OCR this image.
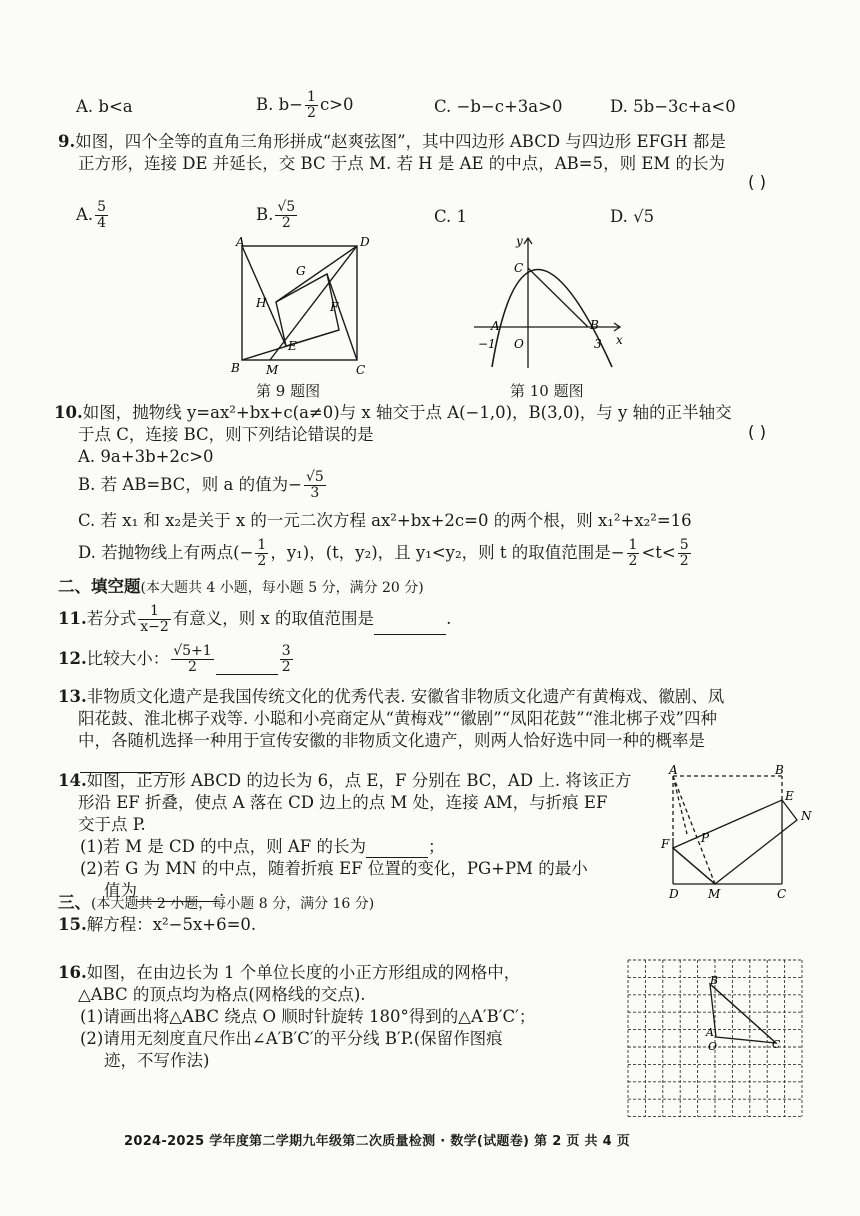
A. b<a	B. $b- \frac{1}{2} c>0$	C. −b−c+3a>0	D. 5b−3c+a<0
9.如图，四个全等的直角三角形拼成“赵爽弦图”，其中四边形 ABCD 与四边形 EFGH 都是
正方形，连接 DE 并延长，交 BC 于点 M. 若 H 是 AE 的中点，AB=5，则 EM 的长为
( )
A. $\frac{5}{4}$	B. $\frac{√5}{2}$	C. 1	D. √5
A	D
B	C
G
H	F
E
M
第 9 题图
y
C
A	B
O
−1	3 x
第 10 题图
10.如图，抛物线 y=ax²+bx+c(a≠0)与 x 轴交于点 A(−1,0)，B(3,0)，与 y 轴的正半轴交
于点 C，连接 BC，则下列结论错误的是	( )
A. 9a+3b+2c>0
B. 若 AB=BC，则 a 的值为− $\frac{√5}{3}$
C. 若 x₁ 和 x₂是关于 x 的一元二次方程 ax²+bx+2c=0 的两个根，则 x₁²+x₂²=16
D. 若抛物线上有两点(− $\frac{1}{2}$ ，y₁)，(t，y₂)，且 y₁<y₂，则 t 的取值范围是− $\frac{1}{2} <t< \frac{5}{2}$
二、填空题(本大题共 4 小题，每小题 5 分，满分 20 分)
11.若分式 $\frac{1}{x-2}$ 有意义，则 x 的取值范围是	.
12.比较大小： $\frac{√5+1}{2}$	$\frac{3}{2}$
13.非物质文化遗产是我国传统文化的优秀代表. 安徽省非物质文化遗产有黄梅戏、徽剧、凤
阳花鼓、淮北梆子戏等. 小聪和小亮商定从“黄梅戏”“徽剧”“凤阳花鼓”“淮北梆子戏”四种
中，各随机选择一种用于宣传安徽的非物质文化遗产，则两人恰好选中同一种的概率是
14.如图，正方形 ABCD 的边长为 6，点 E，F 分别在 BC，AD 上. 将该正方
形沿 EF 折叠，使点 A 落在 CD 边上的点 M 处，连接 AM，与折痕 EF
交于点 P.
(1)若 M 是 CD 的中点，则 AF 的长为	；
(2)若 G 为 MN 的中点，随着折痕 EF 位置的变化，PG+PM 的最小
值为	.
A	B
E
N
F	P
D M	C
三、(本大题共 2 小题，每小题 8 分，满分 16 分)
15.解方程：x²−5x+6=0.
16.如图，在由边长为 1 个单位长度的小正方形组成的网格中，
△ABC 的顶点均为格点(网格线的交点).
(1)请画出将△ABC 绕点 O 顺时针旋转 180°得到的△A′B′C′；
(2)请用无刻度直尺作出∠A′B′C′的平分线 B′P.(保留作图痕
迹，不写作法)
B
A
O	C
2024-2025 学年度第二学期九年级第二次质量检测 · 数学(试题卷) 第 2 页 共 4 页
